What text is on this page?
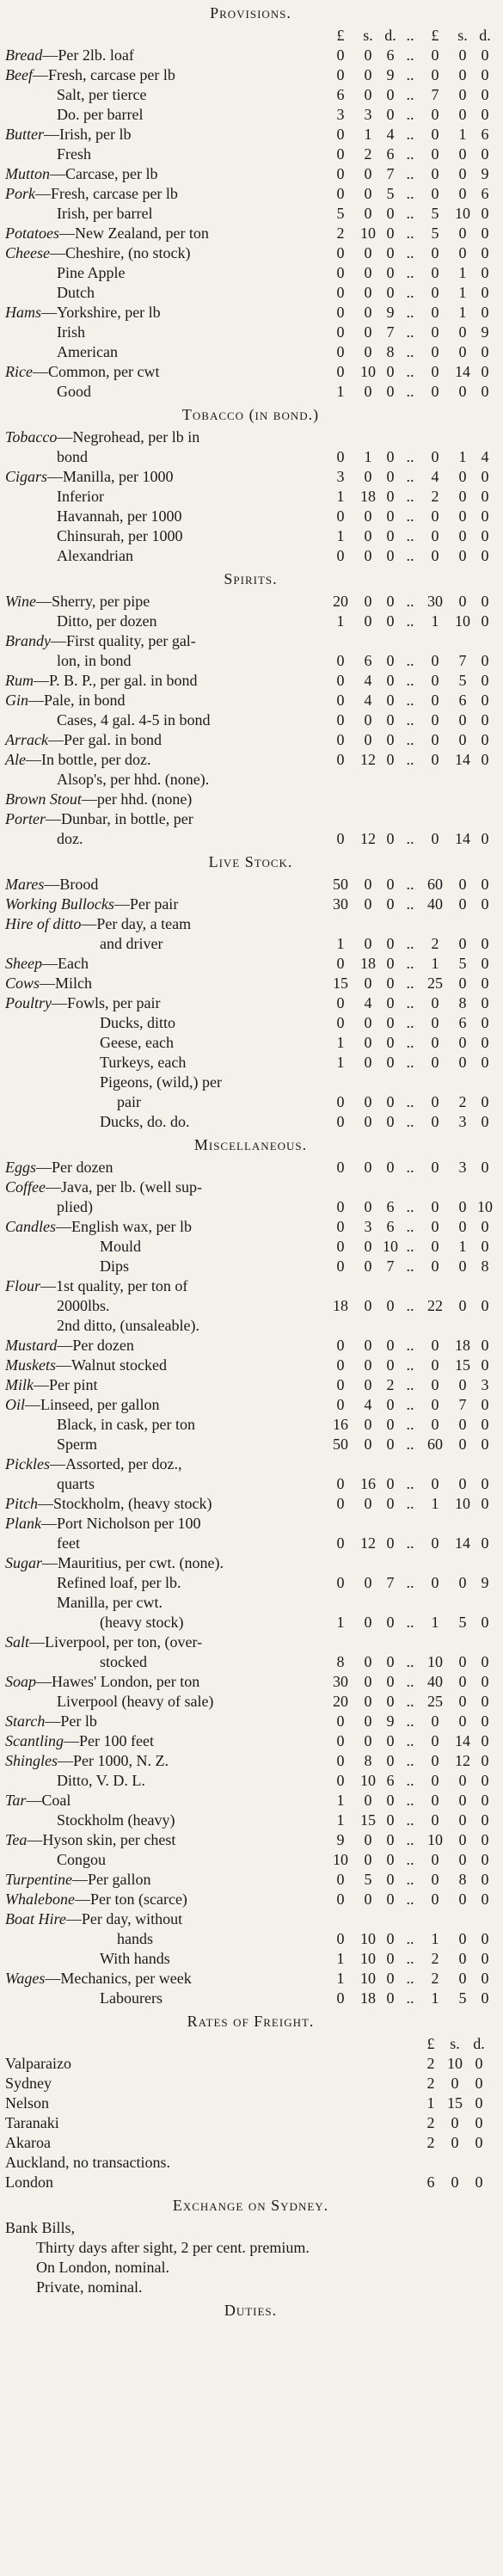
Provisions.
£	s. d. ..	£	s. d.
Bread—Per 2lb. loaf	0	0 6 ..	0	0 0
Beef—Fresh, carcase per lb	0	0 9 ..	0	0 0
Salt, per tierce	6	0 0 ..	7	0 0
Do. per barrel	3	3 0 ..	0	0 0
Butter—Irish, per lb	0	1 4 ..	0	1 6
Fresh	0	2 6 ..	0	0 0
Mutton—Carcase, per lb	0	0 7 ..	0	0 9
Pork—Fresh, carcase per lb	0	0 5 ..	0	0 6
Irish, per barrel	5	0 0 ..	5	10 0
Potatoes—New Zealand, per ton	2	10 0 ..	5	0 0
Cheese—Cheshire, (no stock)	0	0 0 ..	0	0 0
Pine Apple	0	0 0 ..	0	1 0
Dutch	0	0 0 ..	0	1 0
Hams—Yorkshire, per lb	0	0 9 ..	0	1 0
Irish	0	0 7 ..	0	0 9
American	0	0 8 ..	0	0 0
Rice—Common, per cwt	0	10 0 ..	0	14 0
Good	1	0 0 ..	0	0 0
Tobacco (in bond.)
Tobacco—Negrohead, per lb in
bond	0	1 0 ..	0	1 4
Cigars—Manilla, per 1000	3	0 0 ..	4	0 0
Inferior	1	18 0 ..	2	0 0
Havannah, per 1000	0	0 0 ..	0	0 0
Chinsurah, per 1000	1	0 0 ..	0	0 0
Alexandrian	0	0 0 ..	0	0 0
Spirits.
Wine—Sherry, per pipe	20	0 0 .. 30	0 0
Ditto, per dozen	1	0 0 ..	1	10 0
Brandy—First quality, per gal-
lon, in bond	0	6 0 ..	0	7 0
Rum—P. B. P., per gal. in bond	0	4 0 ..	0	5 0
Gin—Pale, in bond	0	4 0 ..	0	6 0
Cases, 4 gal. 4-5 in bond	0	0 0 ..	0	0 0
Arrack—Per gal. in bond	0	0 0 ..	0	0 0
Ale—In bottle, per doz.	0	12 0 ..	0	14 0
Alsop's, per hhd. (none).
Brown Stout—per hhd. (none)
Porter—Dunbar, in bottle, per
doz.	0	12 0 ..	0	14 0
Live Stock.
Mares—Brood	50	0 0 .. 60	0 0
Working Bullocks—Per pair	30	0 0 .. 40	0 0
Hire of ditto—Per day, a team
and driver	1	0 0 ..	2	0 0
Sheep—Each	0	18 0 ..	1	5 0
Cows—Milch	15	0 0 .. 25	0 0
Poultry—Fowls, per pair	0	4 0 ..	0	8 0
Ducks, ditto	0	0 0 ..	0	6 0
Geese, each	1	0 0 ..	0	0 0
Turkeys, each	1	0 0 ..	0	0 0
Pigeons, (wild,) per
pair	0	0 0 ..	0	2 0
Ducks, do. do.	0	0 0 ..	0	3 0
Miscellaneous.
Eggs—Per dozen	0	0 0 ..	0	3 0
Coffee—Java, per lb. (well sup-
plied)	0	0 6 ..	0	0 10
Candles—English wax, per lb	0	3 6 ..	0	0 0
Mould	0	0 10 ..	0	1 0
Dips	0	0 7 ..	0	0 8
Flour—1st quality, per ton of
2000lbs.	18	0 0 .. 22	0 0
2nd ditto, (unsaleable).
Mustard—Per dozen	0	0 0 ..	0	18 0
Muskets—Walnut stocked	0	0 0 ..	0	15 0
Milk—Per pint	0	0 2 ..	0	0 3
Oil—Linseed, per gallon	0	4 0 ..	0	7 0
Black, in cask, per ton	16	0 0 ..	0	0 0
Sperm	50	0 0 .. 60	0 0
Pickles—Assorted, per doz.,
quarts	0	16 0 ..	0	0 0
Pitch—Stockholm, (heavy stock)	0	0 0 ..	1	10 0
Plank—Port Nicholson per 100
feet	0	12 0 ..	0	14 0
Sugar—Mauritius, per cwt. (none).
Refined loaf, per lb.	0	0 7 ..	0	0 9
Manilla, per cwt.
(heavy stock)	1	0 0 ..	1	5 0
Salt—Liverpool, per ton, (over-
stocked	8	0 0 .. 10	0 0
Soap—Hawes' London, per ton	30	0 0 .. 40	0 0
Liverpool (heavy of sale)	20	0 0 .. 25	0 0
Starch—Per lb	0	0 9 ..	0	0 0
Scantling—Per 100 feet	0	0 0 ..	0	14 0
Shingles—Per 1000, N. Z.	0	8 0 ..	0	12 0
Ditto, V. D. L.	0	10 6 ..	0	0 0
Tar—Coal	1	0 0 ..	0	0 0
Stockholm (heavy)	1	15 0 ..	0	0 0
Tea—Hyson skin, per chest	9	0 0 .. 10	0 0
Congou	10	0 0 ..	0	0 0
Turpentine—Per gallon	0	5 0 ..	0	8 0
Whalebone—Per ton (scarce)	0	0 0 ..	0	0 0
Boat Hire—Per day, without
hands	0	10 0 ..	1	0 0
With hands	1	10 0 ..	2	0 0
Wages—Mechanics, per week	1	10 0 ..	2	0 0
Labourers	0	18 0 ..	1	5 0
Rates of Freight.
£ s. d.
Valparaizo	2 10 0
Sydney	2	0	0
Nelson	1 15 0
Taranaki	2	0	0
Akaroa	2	0	0
Auckland, no transactions.
London	6	0	0
Exchange on Sydney.
Bank Bills,
Thirty days after sight, 2 per cent. premium.
On London, nominal.
Private, nominal.
Duties.
